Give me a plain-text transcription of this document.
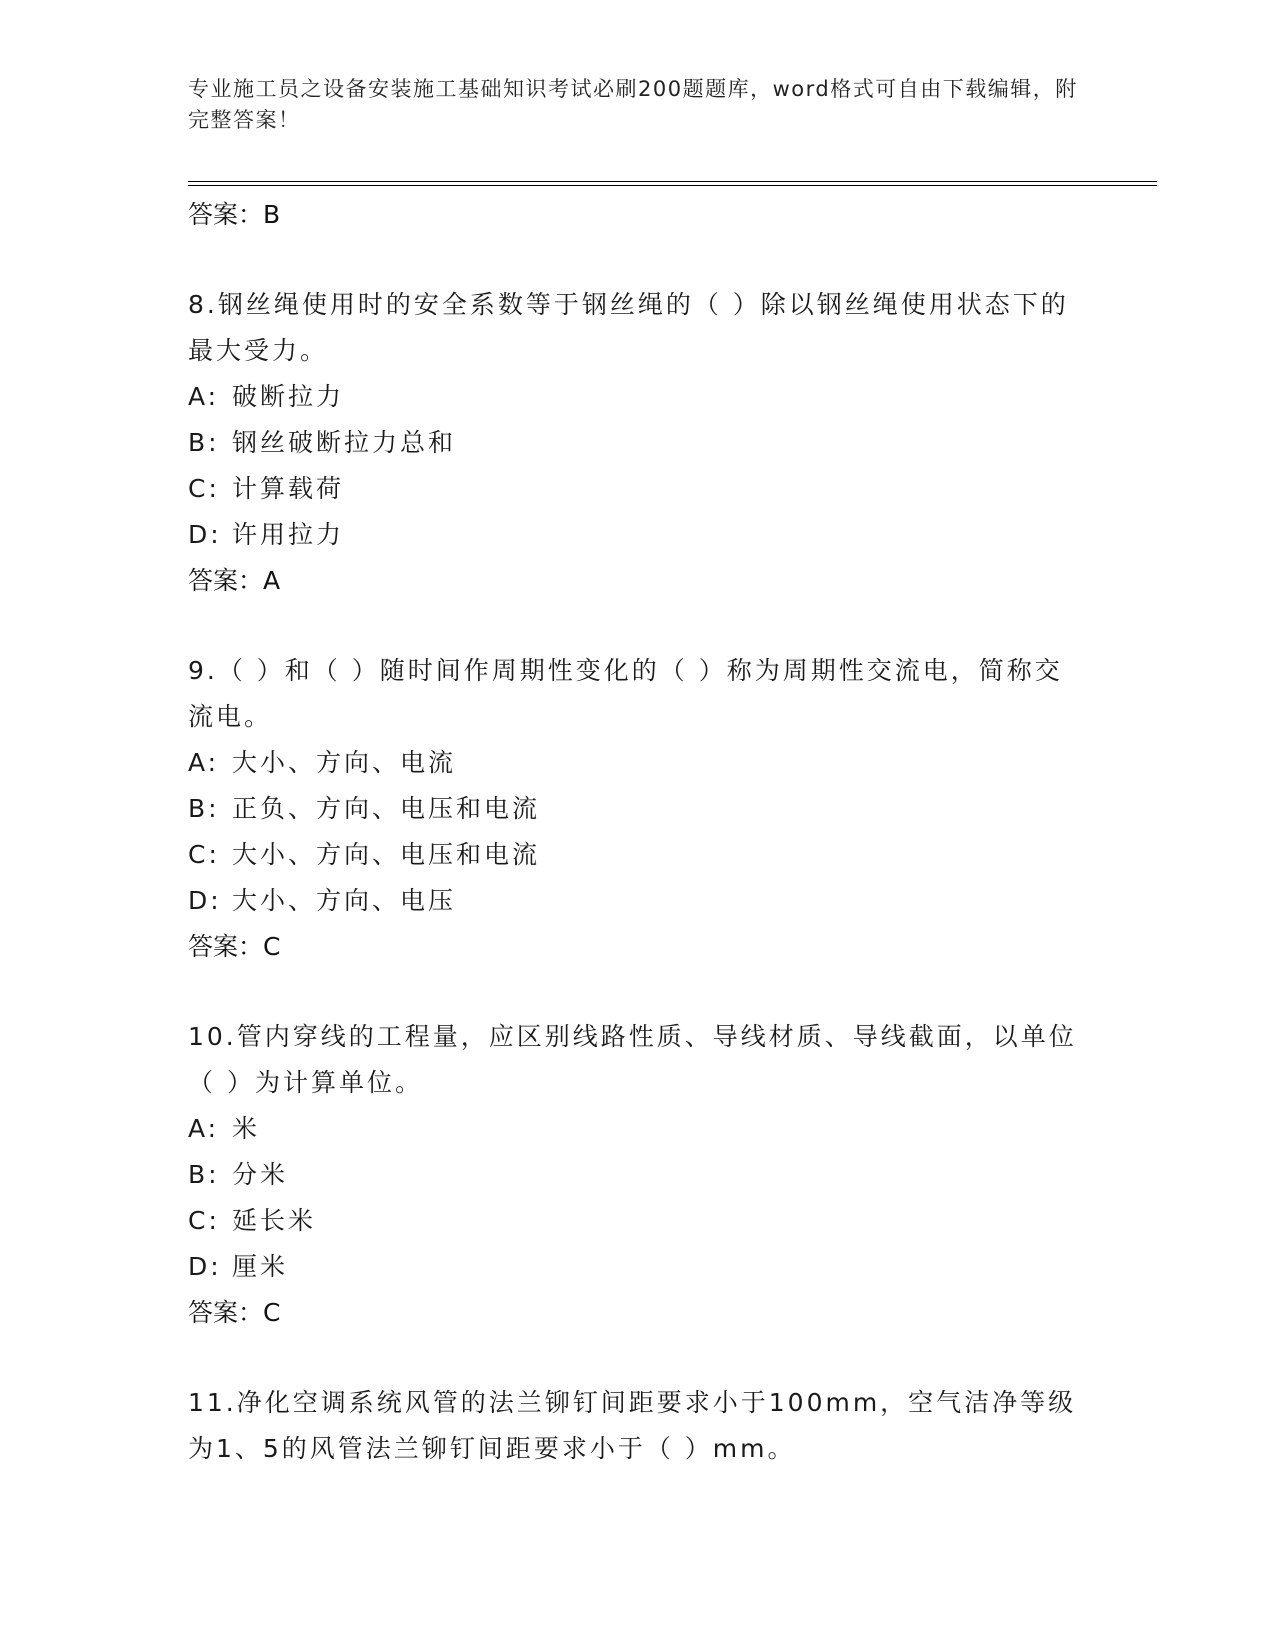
专业施工员之设备安装施工基础知识考试必刷200题题库，word格式可自由下载编辑，附完整答案！
答案：B
8.钢丝绳使用时的安全系数等于钢丝绳的（ ）除以钢丝绳使用状态下的最大受力。
A: 破断拉力
B: 钢丝破断拉力总和
C: 计算载荷
D: 许用拉力
答案：A
9.（ ）和（ ）随时间作周期性变化的（ ）称为周期性交流电，简称交流电。
A: 大小、方向、电流
B: 正负、方向、电压和电流
C: 大小、方向、电压和电流
D: 大小、方向、电压
答案：C
10.管内穿线的工程量，应区别线路性质、导线材质、导线截面，以单位（ ）为计算单位。
A: 米
B: 分米
C: 延长米
D: 厘米
答案：C
11.净化空调系统风管的法兰铆钉间距要求小于100mm，空气洁净等级为1、5的风管法兰铆钉间距要求小于（ ）mm。
